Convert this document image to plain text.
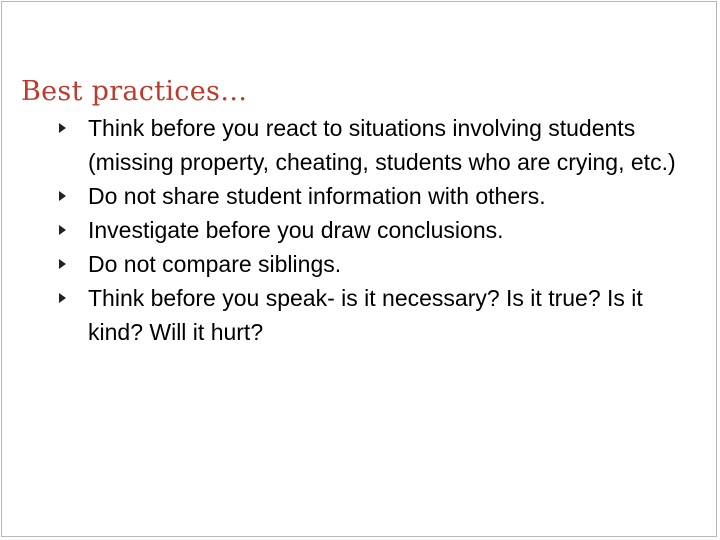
Best practices…
Think before you react to situations involving students (missing property, cheating, students who are crying, etc.)
Do not share student information with others.
Investigate before you draw conclusions.
Do not compare siblings.
Think before you speak- is it necessary? Is it true? Is it kind? Will it hurt?
